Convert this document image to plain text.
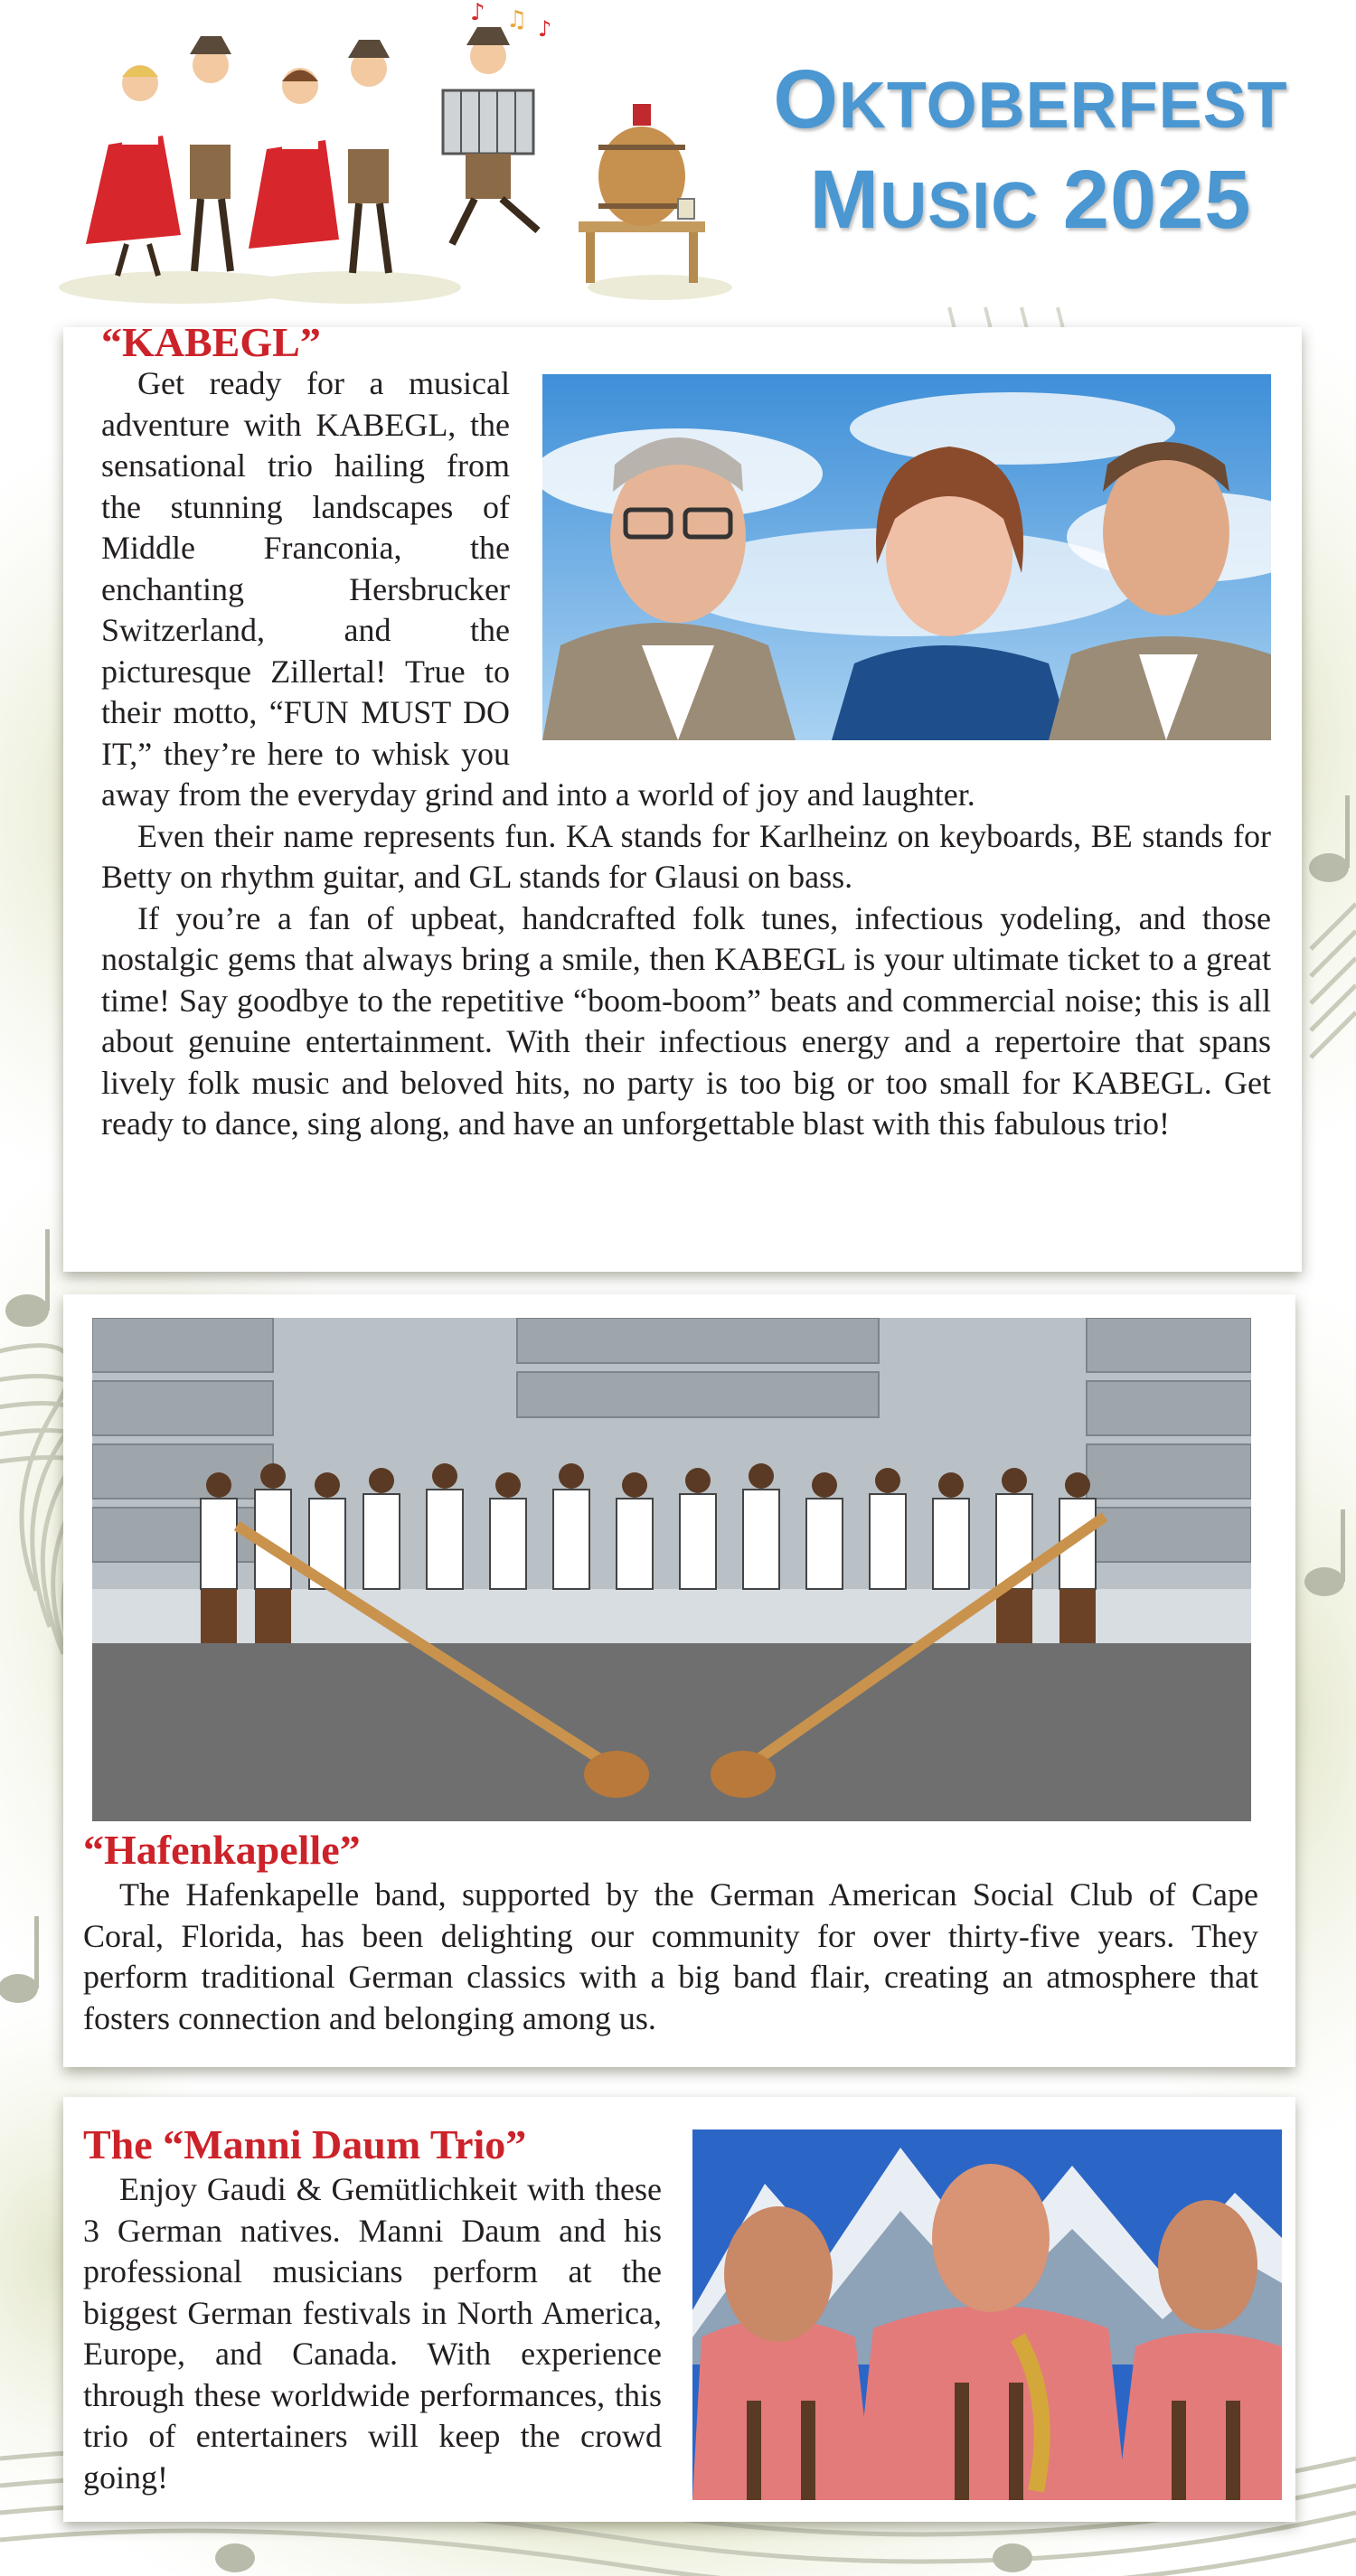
♪ ♫ ♪
OKTOBERFEST
MUSIC 2025

Get ready for a musical adventure with KABEGL, the sensational trio hailing from the stunning landscapes of Middle Franconia, the enchanting Hersbrucker Switzerland, and the picturesque Zillertal! True to their motto, “FUN MUST DO IT,” they’re here to whisk you away from the everyday grind and into a world of joy and laughter.

Even their name represents fun. KA stands for Karlheinz on keyboards, BE stands for Betty on rhythm guitar, and GL stands for Glausi on bass.

If you’re a fan of upbeat, handcrafted folk tunes, infectious yodeling, and those nostalgic gems that always bring a smile, then KABEGL is your ultimate ticket to a great time! Say goodbye to the repetitive “boom-boom” beats and commercial noise; this is all about genuine entertainment. With their infectious energy and a repertoire that spans lively folk music and beloved hits, no party is too big or too small for KABEGL. Get ready to dance, sing along, and have an unforgettable blast with this fabulous trio!

“KABEGL”
“Hafenkapelle”

The Hafenkapelle band, supported by the German American Social Club of Cape Coral, Florida, has been delighting our community for over thirty-five years. They perform traditional German classics with a big band flair, creating an atmosphere that fosters connection and belonging among us.

The “Manni Daum Trio”

Enjoy Gaudi & Gemütlichkeit with these 3 German natives. Manni Daum and his professional musicians perform at the biggest German festivals in North America, Europe, and Canada. With experience through these worldwide performances, this trio of entertainers will keep the crowd going!
